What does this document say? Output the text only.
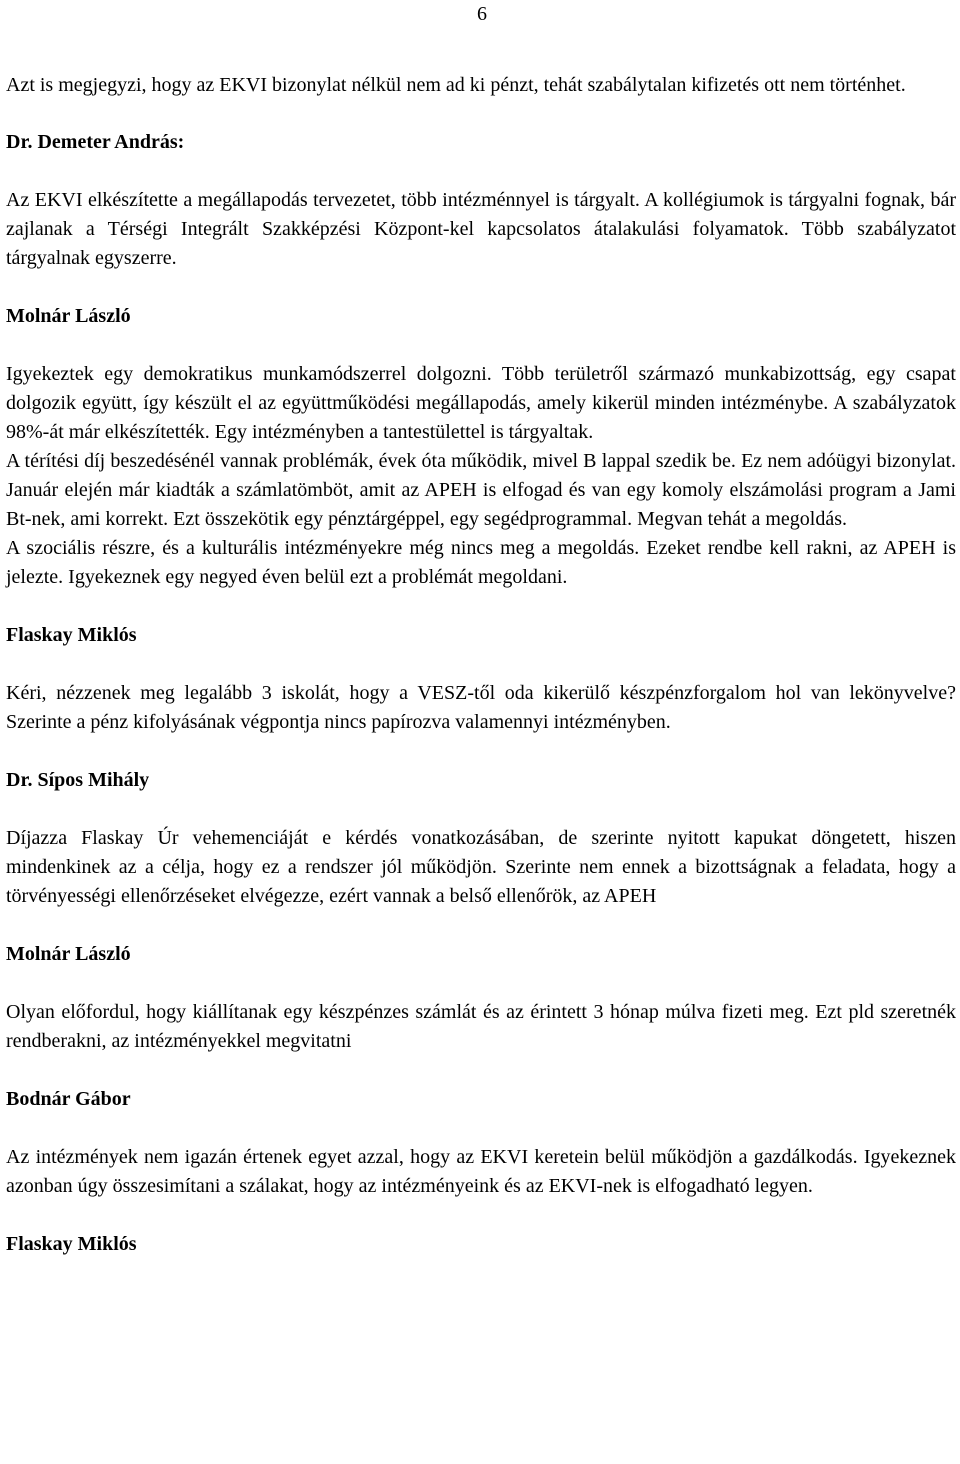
6

Azt is megjegyzi, hogy az EKVI bizonylat nélkül nem ad ki pénzt, tehát szabálytalan kifizetés ott nem történhet.

Dr. Demeter András:

Az EKVI elkészítette a megállapodás tervezetet, több intézménnyel is tárgyalt. A kollégiumok is tárgyalni fognak, bár zajlanak a Térségi Integrált Szakképzési Központ-kel kapcsolatos átalakulási folyamatok. Több szabályzatot tárgyalnak egyszerre.

Molnár László

Igyekeztek egy demokratikus munkamódszerrel dolgozni. Több területről származó munkabizottság, egy csapat dolgozik együtt, így készült el az együttműködési megállapodás, amely kikerül minden intézménybe. A szabályzatok 98%-át már elkészítették. Egy intézményben a tantestülettel is tárgyaltak.

A térítési díj beszedésénél vannak problémák, évek óta működik, mivel B lappal szedik be. Ez nem adóügyi bizonylat. Január elején már kiadták a számlatömböt, amit az APEH is elfogad és van egy komoly elszámolási program a Jami Bt-nek, ami korrekt. Ezt összekötik egy pénztárgéppel, egy segédprogrammal. Megvan tehát a megoldás.

A szociális részre, és a kulturális intézményekre még nincs meg a megoldás. Ezeket rendbe kell rakni, az APEH is jelezte. Igyekeznek egy negyed éven belül ezt a problémát megoldani.

Flaskay Miklós

Kéri, nézzenek meg legalább 3 iskolát, hogy a VESZ-től oda kikerülő készpénzforgalom hol van lekönyvelve? Szerinte a pénz kifolyásának végpontja nincs papírozva valamennyi intézményben.

Dr. Sípos Mihály

Díjazza Flaskay Úr vehemenciáját e kérdés vonatkozásában, de szerinte nyitott kapukat döngetett, hiszen mindenkinek az a célja, hogy ez a rendszer jól működjön. Szerinte nem ennek a bizottságnak a feladata, hogy a törvényességi ellenőrzéseket elvégezze, ezért vannak a belső ellenőrök, az APEH

Molnár László

Olyan előfordul, hogy kiállítanak egy készpénzes számlát és az érintett 3 hónap múlva fizeti meg. Ezt pld szeretnék rendberakni, az intézményekkel megvitatni

Bodnár Gábor

Az intézmények nem igazán értenek egyet azzal, hogy az EKVI keretein belül működjön a gazdálkodás. Igyekeznek azonban úgy összesimítani a szálakat, hogy az intézményeink és az EKVI-nek is elfogadható legyen.

Flaskay Miklós
